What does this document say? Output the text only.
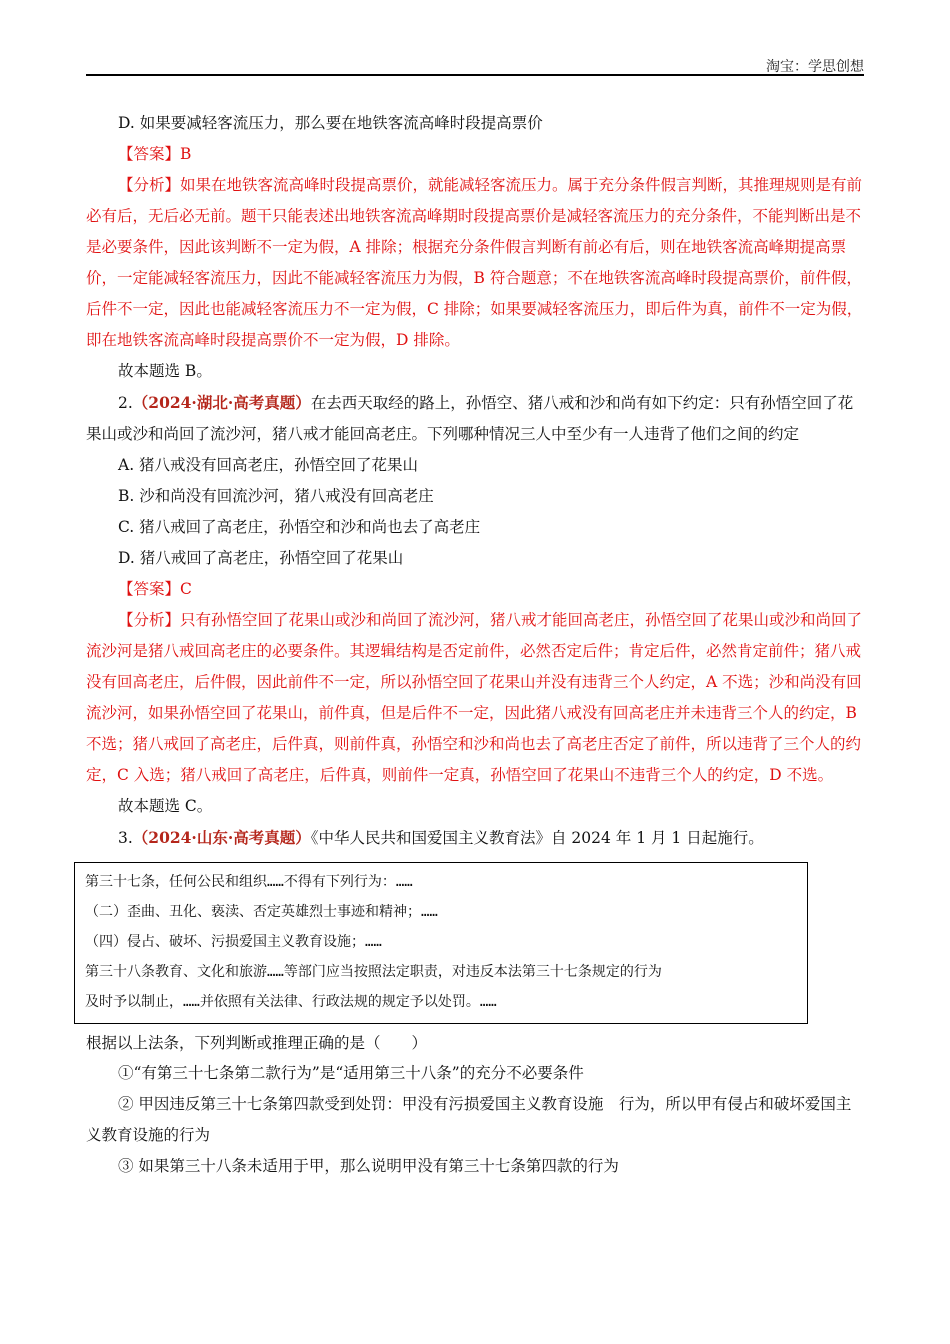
淘宝：学思创想
D. 如果要减轻客流压力，那么要在地铁客流高峰时段提高票价
【答案】B
【分析】如果在地铁客流高峰时段提高票价，就能减轻客流压力。属于充分条件假言判断，其推理规则是有前必有后，无后必无前。题干只能表述出地铁客流高峰期时段提高票价是减轻客流压力的充分条件，不能判断出是不是必要条件，因此该判断不一定为假，A 排除；根据充分条件假言判断有前必有后，则在地铁客流高峰期提高票价，一定能减轻客流压力，因此不能减轻客流压力为假，B 符合题意；不在地铁客流高峰时段提高票价，前件假，后件不一定，因此也能减轻客流压力不一定为假，C 排除；如果要减轻客流压力，即后件为真，前件不一定为假，即在地铁客流高峰时段提高票价不一定为假，D 排除。
故本题选 B。
2.（2024·湖北·高考真题）在去西天取经的路上，孙悟空、猪八戒和沙和尚有如下约定：只有孙悟空回了花果山或沙和尚回了流沙河，猪八戒才能回高老庄。下列哪种情况三人中至少有一人违背了他们之间的约定
A. 猪八戒没有回高老庄，孙悟空回了花果山
B. 沙和尚没有回流沙河，猪八戒没有回高老庄
C. 猪八戒回了高老庄，孙悟空和沙和尚也去了高老庄
D. 猪八戒回了高老庄，孙悟空回了花果山
【答案】C
【分析】只有孙悟空回了花果山或沙和尚回了流沙河，猪八戒才能回高老庄，孙悟空回了花果山或沙和尚回了流沙河是猪八戒回高老庄的必要条件。其逻辑结构是否定前件，必然否定后件；肯定后件，必然肯定前件；猪八戒没有回高老庄，后件假，因此前件不一定，所以孙悟空回了花果山并没有违背三个人约定，A 不选；沙和尚没有回流沙河，如果孙悟空回了花果山，前件真，但是后件不一定，因此猪八戒没有回高老庄并未违背三个人的约定，B 不选；猪八戒回了高老庄，后件真，则前件真，孙悟空和沙和尚也去了高老庄否定了前件，所以违背了三个人的约定，C 入选；猪八戒回了高老庄，后件真，则前件一定真，孙悟空回了花果山不违背三个人的约定，D 不选。
故本题选 C。
3.（2024·山东·高考真题）《中华人民共和国爱国主义教育法》自 2024 年 1 月 1 日起施行。
第三十七条，任何公民和组织……不得有下列行为：……
（二）歪曲、丑化、亵渎、否定英雄烈士事迹和精神；……
（四）侵占、破坏、污损爱国主义教育设施；……
第三十八条教育、文化和旅游……等部门应当按照法定职责，对违反本法第三十七条规定的行为
及时予以制止，……并依照有关法律、行政法规的规定予以处罚。……
根据以上法条，下列判断或推理正确的是（　　）
①“有第三十七条第二款行为”是“适用第三十八条”的充分不必要条件
② 甲因违反第三十七条第四款受到处罚：甲没有污损爱国主义教育设施　行为，所以甲有侵占和破坏爱国主义教育设施的行为
③ 如果第三十八条未适用于甲，那么说明甲没有第三十七条第四款的行为
